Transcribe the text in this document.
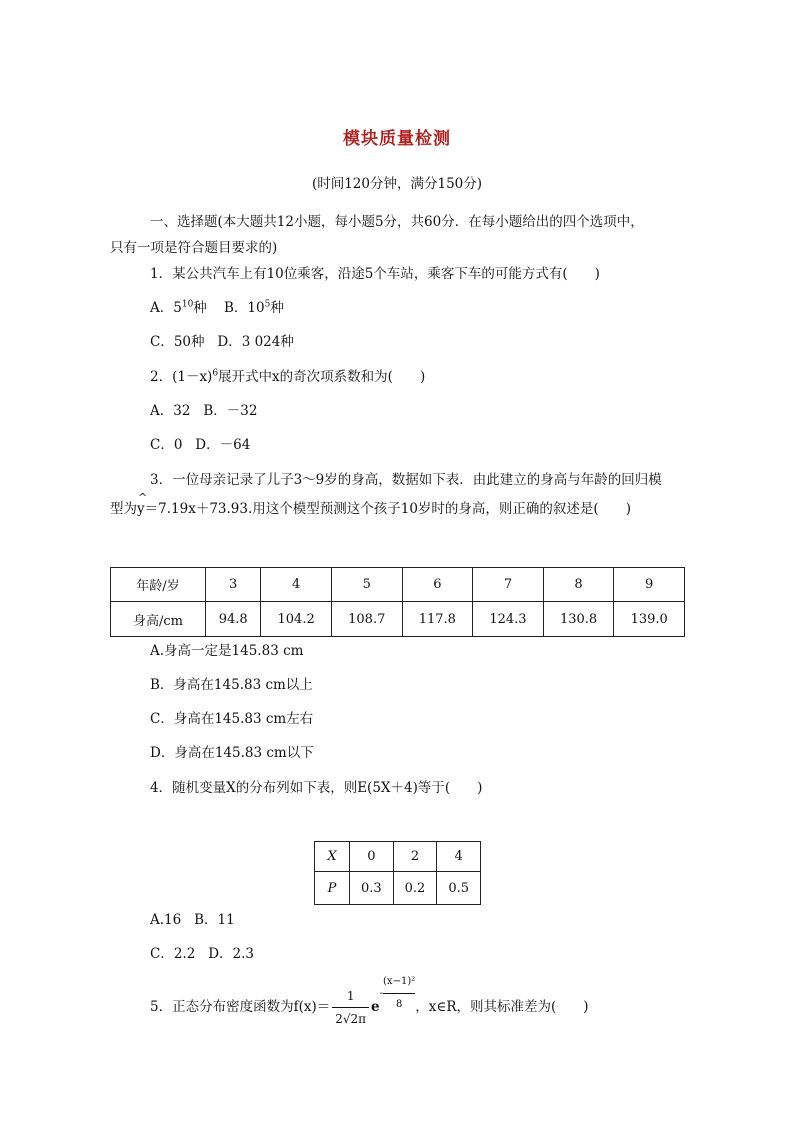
模块质量检测
(时间120分钟，满分150分)
一、选择题(本大题共12小题，每小题5分，共60分．在每小题给出的四个选项中，
只有一项是符合题目要求的)
1．某公共汽车上有10位乘客，沿途5个车站，乘客下车的可能方式有(　　)
A．$5^{10}$种 B．$10^5$种
C．50种 D．3 024种
2．$(1-x)^6$展开式中x的奇次项系数和为(　　)
A．32 B．－32
C．0 D．－64
3．一位母亲记录了儿子3～9岁的身高，数据如下表．由此建立的身高与年龄的回归模
型为
^
y＝7.19x＋73.93.用这个模型预测这个孩子10岁时的身高，则正确的叙述是(　　)
年龄/岁	3	4	5	6	7	8	9
身高/cm	94.8	104.2	108.7	117.8	124.3	130.8	139.0
A.身高一定是145.83 cm
B．身高在145.83 cm以上
C．身高在145.83 cm左右
D．身高在145.83 cm以下
4．随机变量X的分布列如下表，则E(5X＋4)等于(　　)
X	0	2	4
P	0.3	0.2	0.5
A.16 B．11
C．2.2 D．2.3
5．正态分布密度函数为$f(x)= \frac{1}{2√2\pi} e- \frac{\text{(x−1)²}}{8}$ ，x∈R，则其标准差为(　　)
